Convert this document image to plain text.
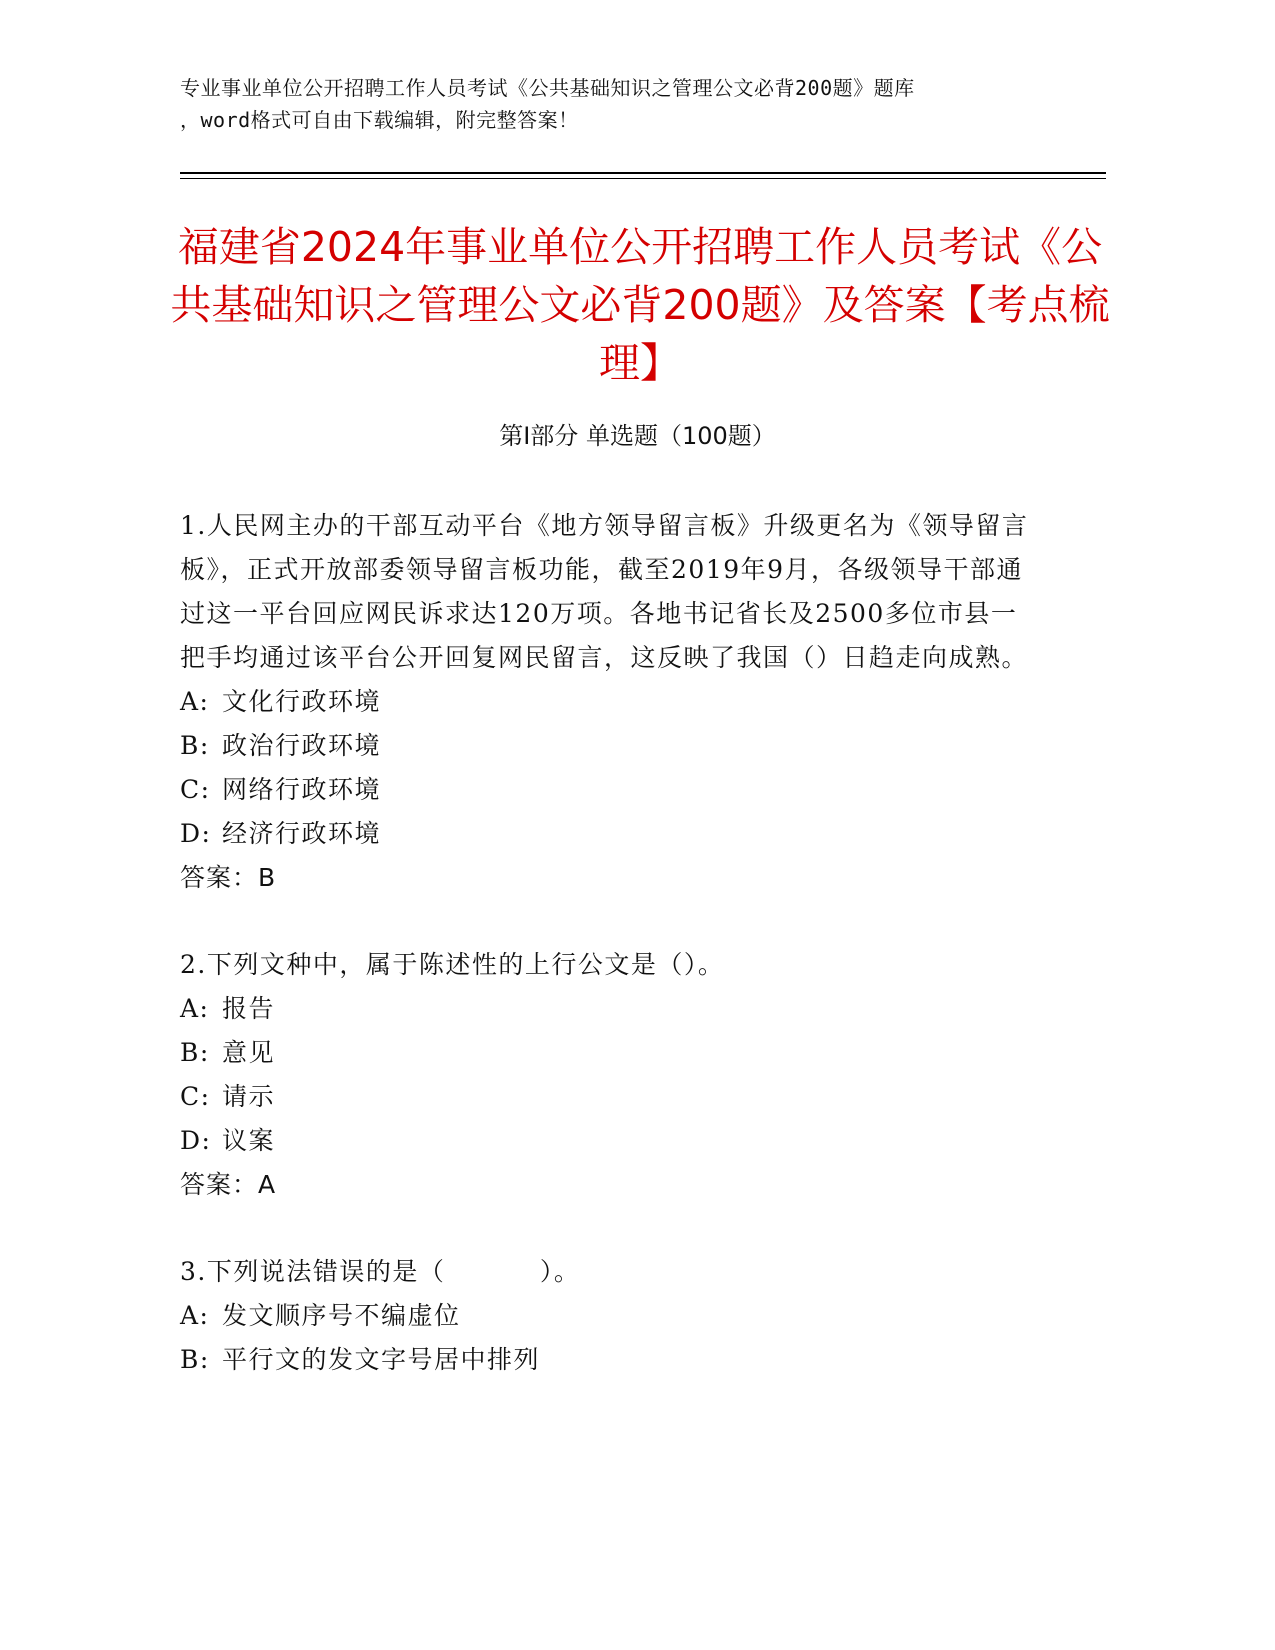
专业事业单位公开招聘工作人员考试《公共基础知识之管理公文必背200题》题库
，word格式可自由下载编辑，附完整答案！
福建省2024年事业单位公开招聘工作人员考试《公共基础知识之管理公文必背200题》及答案【考点梳理】
第Ⅰ部分 单选题（100题）

1.人民网主办的干部互动平台《地方领导留言板》升级更名为《领导留言板》，正式开放部委领导留言板功能，截至2019年9月，各级领导干部通过这一平台回应网民诉求达120万项。各地书记省长及2500多位市县一把手均通过该平台公开回复网民留言，这反映了我国（）日趋走向成熟。

A: 文化行政环境

B: 政治行政环境

C: 网络行政环境

D: 经济行政环境

答案：B

2.下列文种中，属于陈述性的上行公文是（）。

A: 报告

B: 意见

C: 请示

D: 议案

答案：A

3.下列说法错误的是（          ）。

A: 发文顺序号不编虚位

B: 平行文的发文字号居中排列
